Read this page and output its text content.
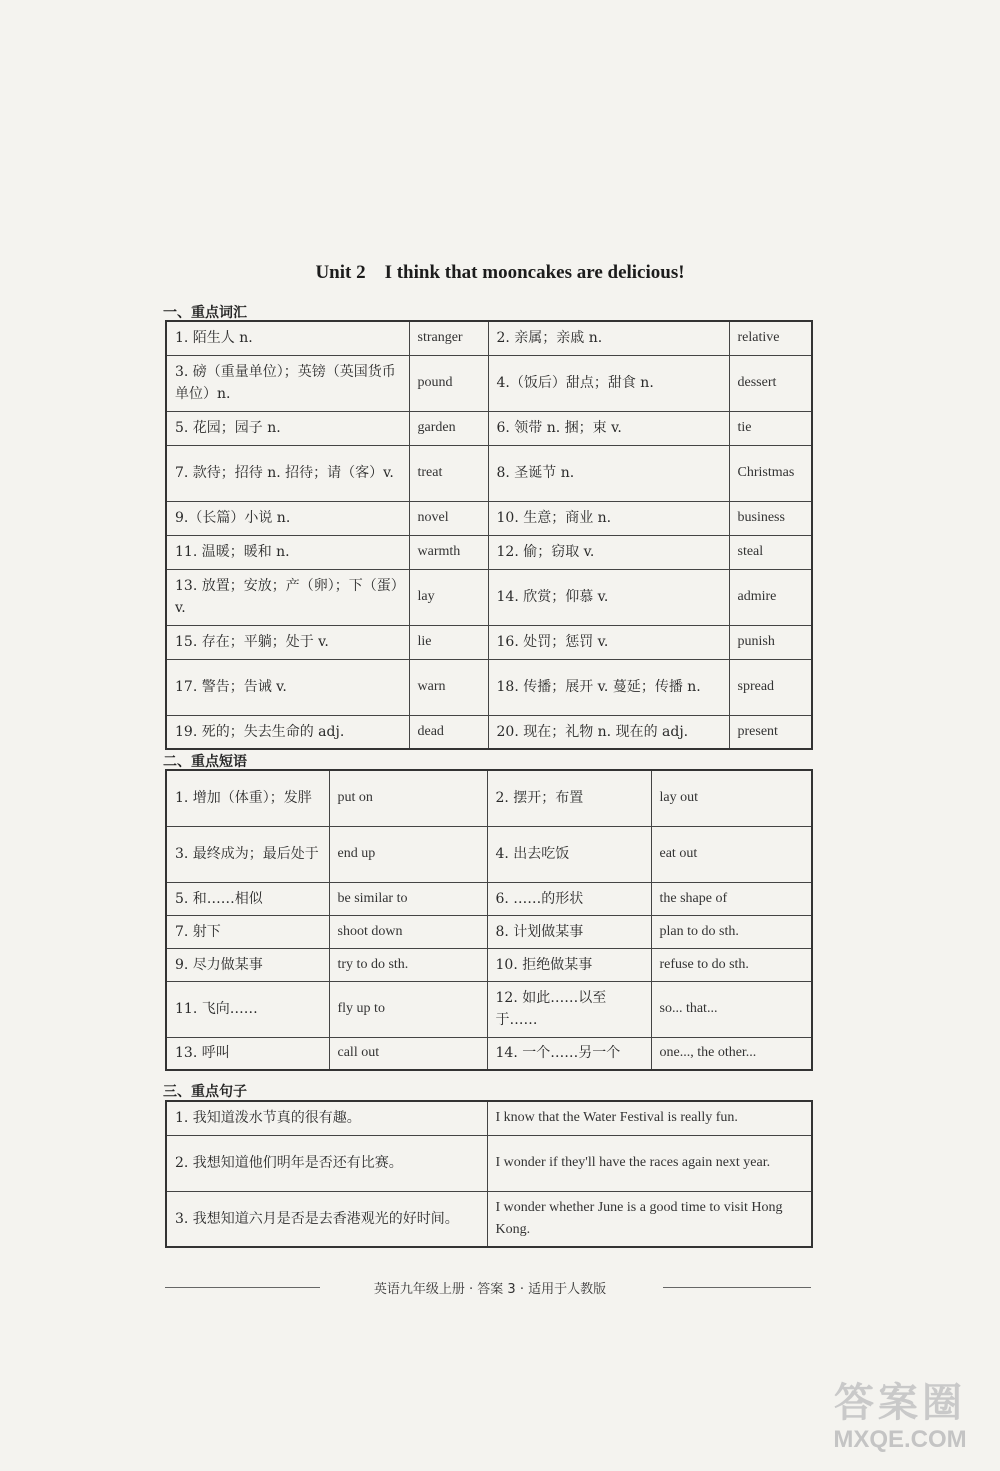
Unit 2    I think that mooncakes are delicious!
一、重点词汇
1. 陌生人 n.	stranger	2. 亲属；亲戚 n.	relative
3. 磅（重量单位）；英镑（英国货币单位）n.	pound	4.（饭后）甜点；甜食 n.	dessert
5. 花园；园子 n.	garden	6. 领带 n. 捆；束 v.	tie
7. 款待；招待 n. 招待；请（客）v.	treat	8. 圣诞节 n.	Christmas
9.（长篇）小说 n.	novel	10. 生意；商业 n.	business
11. 温暖；暖和 n.	warmth	12. 偷；窃取 v.	steal
13. 放置；安放；产（卵）；下（蛋）v.	lay	14. 欣赏；仰慕 v.	admire
15. 存在；平躺；处于 v.	lie	16. 处罚；惩罚 v.	punish
17. 警告；告诫 v.	warn	18. 传播；展开 v. 蔓延；传播 n.	spread
19. 死的；失去生命的 adj.	dead	20. 现在；礼物 n. 现在的 adj.	present
二、重点短语
1. 增加（体重）；发胖	put on	2. 摆开；布置	lay out
3. 最终成为；最后处于	end up	4. 出去吃饭	eat out
5. 和……相似	be similar to	6. ……的形状	the shape of
7. 射下	shoot down	8. 计划做某事	plan to do sth.
9. 尽力做某事	try to do sth.	10. 拒绝做某事	refuse to do sth.
11. 飞向……	fly up to	12. 如此……以至于……	so... that...
13. 呼叫	call out	14. 一个……另一个	one..., the other...
三、重点句子
1. 我知道泼水节真的很有趣。	I know that the Water Festival is really fun.
2. 我想知道他们明年是否还有比赛。	I wonder if they'll have the races again next year.
3. 我想知道六月是否是去香港观光的好时间。	I wonder whether June is a good time to visit Hong Kong.
英语九年级上册 · 答案 3 · 适用于人教版
答案圈
MXQE.COM
